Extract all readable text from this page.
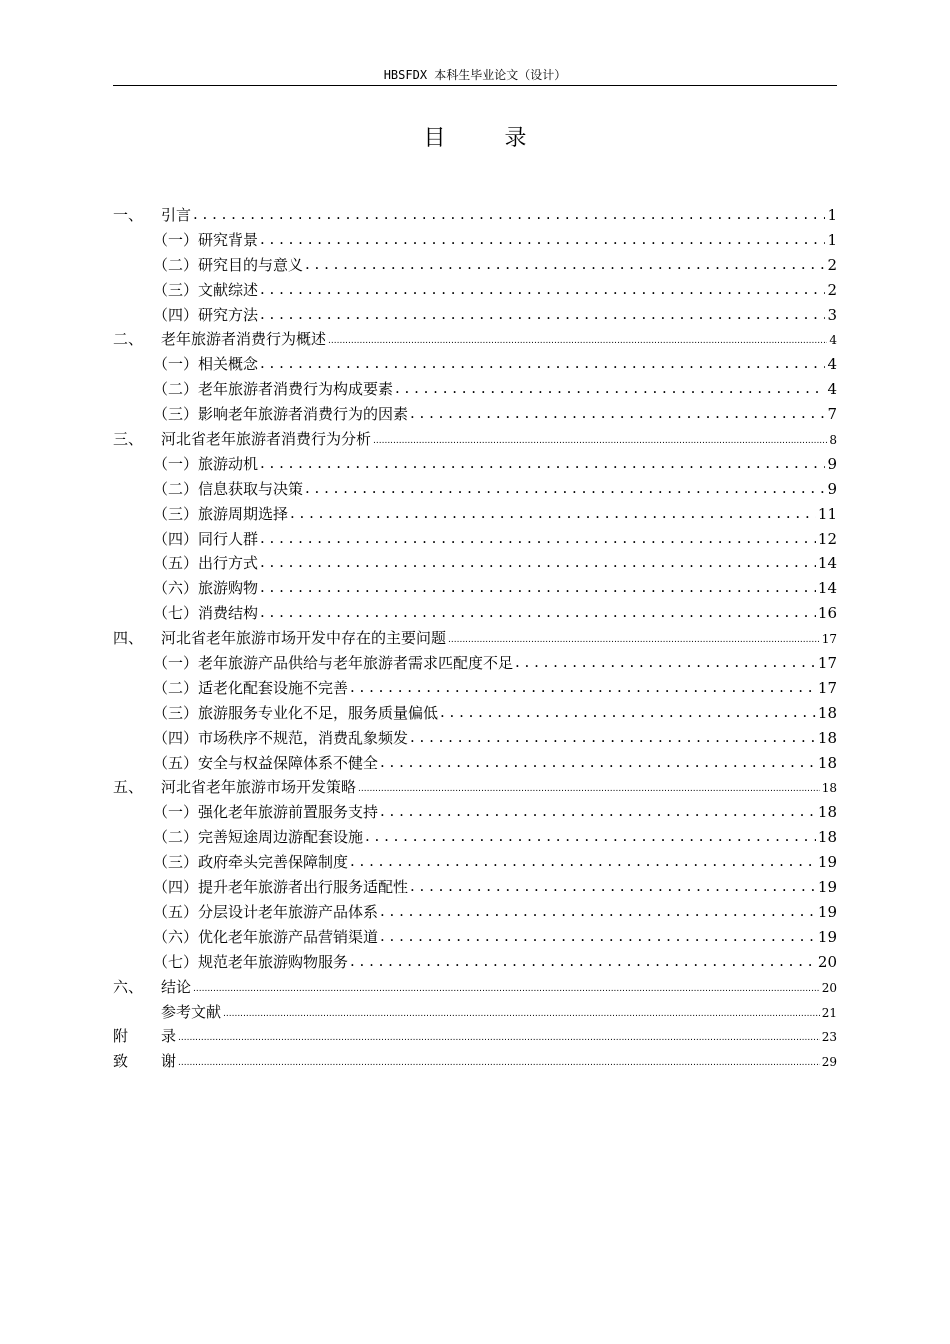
HBSFDX 本科生毕业论文（设计）
目 录
一、	引言 . . .	1
（一）研究背景 . . .	1
（二）研究目的与意义 . . .	2
（三）文献综述 . . .	2
（四）研究方法 . . .	3
二、	老年旅游者消费行为概述 .....	4
（一）相关概念 . . .	4
（二）老年旅游者消费行为构成要素 . . .	4
（三）影响老年旅游者消费行为的因素 . . .	7
三、	河北省老年旅游者消费行为分析 .....	8
（一）旅游动机 . . .	9
（二）信息获取与决策 . . .	9
（三）旅游周期选择 . . .	11
（四）同行人群 . . .	12
（五）出行方式 . . .	14
（六）旅游购物 . . .	14
（七）消费结构 . . .	16
四、	河北省老年旅游市场开发中存在的主要问题 .....	17
（一）老年旅游产品供给与老年旅游者需求匹配度不足 . . .	17
（二）适老化配套设施不完善 . . .	17
（三）旅游服务专业化不足，服务质量偏低 . . .	18
（四）市场秩序不规范，消费乱象频发 . . .	18
（五）安全与权益保障体系不健全 . . .	18
五、	河北省老年旅游市场开发策略 .....	18
（一）强化老年旅游前置服务支持 . . .	18
（二）完善短途周边游配套设施 . . .	18
（三）政府牵头完善保障制度 . . .	19
（四）提升老年旅游者出行服务适配性 . . .	19
（五）分层设计老年旅游产品体系 . . .	19
（六）优化老年旅游产品营销渠道 . . .	19
（七）规范老年旅游购物服务 . . .	20
六、	结论 .....	20
参考文献 .....	21
附	录 .....	23
致	谢 .....	29
